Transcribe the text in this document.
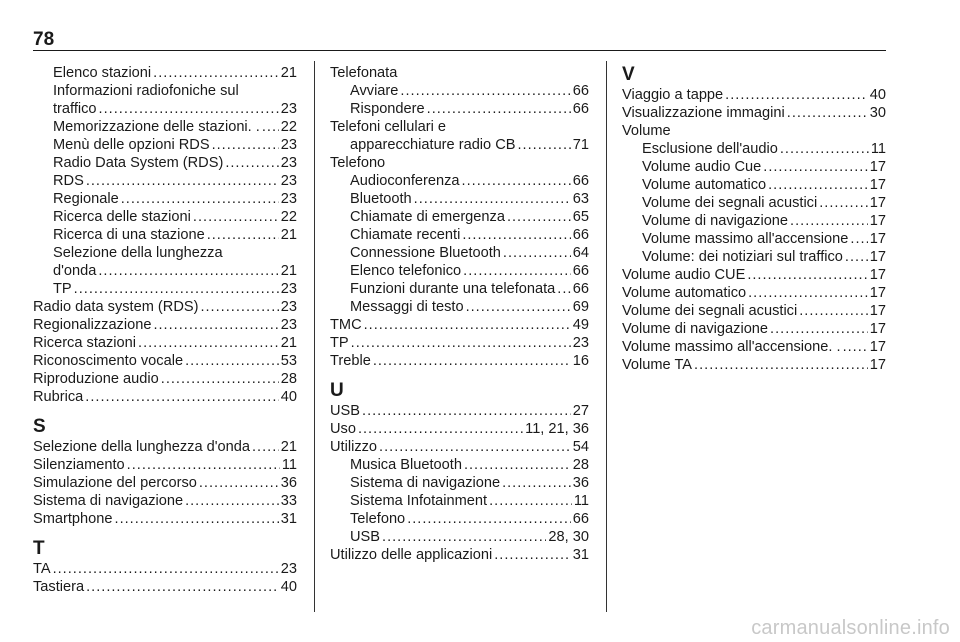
78
Elenco stazioni .....	21
Informazioni radiofoniche sul
traffico .....	23
Memorizzazione delle stazioni. . ..... 22
Menù delle opzioni RDS .....	23
Radio Data System (RDS) .....	23
RDS .....	23
Regionale .....	23
Ricerca delle stazioni .....	22
Ricerca di una stazione .....	21
Selezione della lunghezza
d'onda .....	21
TP .....	23
Radio data system (RDS) .....	23
Regionalizzazione .....	23
Ricerca stazioni .....	21
Riconoscimento vocale .....	53
Riproduzione audio .....	28
Rubrica .....	40
S
Selezione della lunghezza d'onda ..... 21
Silenziamento .....	11
Simulazione del percorso .....	36
Sistema di navigazione .....	33
Smartphone .....	31
T
TA .....	23
Tastiera .....	40
Telefonata
Avviare .....	66
Rispondere .....	66
Telefoni cellulari e
apparecchiature radio CB .....	71
Telefono
Audioconferenza .....	66
Bluetooth .....	63
Chiamate di emergenza .....	65
Chiamate recenti .....	66
Connessione Bluetooth .....	64
Elenco telefonico .....	66
Funzioni durante una telefonata ..... 66
Messaggi di testo .....	69
TMC .....	49
TP .....	23
Treble .....	16
U
USB .....	27
Uso .....	11, 21, 36
Utilizzo .....	54
Musica Bluetooth .....	28
Sistema di navigazione .....	36
Sistema Infotainment .....	11
Telefono .....	66
USB .....	28, 30
Utilizzo delle applicazioni .....	31
V
Viaggio a tappe .....	40
Visualizzazione immagini .....	30
Volume
Esclusione dell'audio .....	11
Volume audio Cue .....	17
Volume automatico .....	17
Volume dei segnali acustici .....	17
Volume di navigazione .....	17
Volume massimo all'accensione ..... 17
Volume: dei notiziari sul traffico ..... 17
Volume audio CUE .....	17
Volume automatico .....	17
Volume dei segnali acustici .....	17
Volume di navigazione .....	17
Volume massimo all'accensione. . ..... 17
Volume TA .....	17
carmanualsonline.info
